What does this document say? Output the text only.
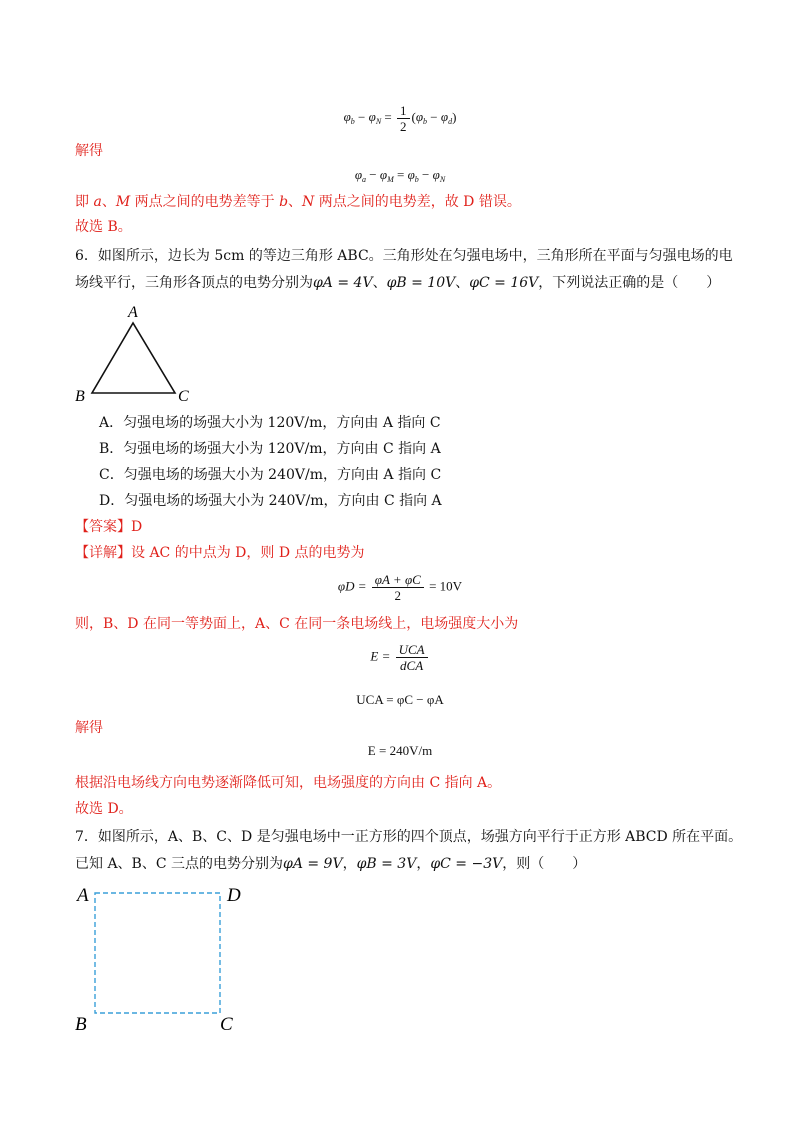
$\varphi_b - \varphi_N = \frac{1}{2} (\varphi_b - \varphi_d)$
解得
$\varphi_a - \varphi_M = \varphi_b - \varphi_N$
即 a、M 两点之间的电势差等于 b、N 两点之间的电势差，故 D 错误。
故选 B。
6．如图所示，边长为 5cm 的等边三角形 ABC。三角形处在匀强电场中，三角形所在平面与匀强电场的电
场线平行，三角形各顶点的电势分别为φA = 4V、φB = 10V、φC = 16V，下列说法正确的是（　　）
A
B	C
A．匀强电场的场强大小为 120V/m，方向由 A 指向 C
B．匀强电场的场强大小为 120V/m，方向由 C 指向 A
C．匀强电场的场强大小为 240V/m，方向由 A 指向 C
D．匀强电场的场强大小为 240V/m，方向由 C 指向 A
【答案】D
【详解】设 AC 的中点为 D，则 D 点的电势为
$\varphi D = \frac{\varphi A + \varphi C}{2} = 10V$
则，B、D 在同一等势面上，A、C 在同一条电场线上，电场强度大小为
$E = \frac{\text{UCA}}{\text{dCA}}$
UCA = φC − φA
解得
E = 240V/m
根据沿电场线方向电势逐渐降低可知，电场强度的方向由 C 指向 A。
故选 D。
7．如图所示，A、B、C、D 是匀强电场中一正方形的四个顶点，场强方向平行于正方形 ABCD 所在平面。
已知 A、B、C 三点的电势分别为φA = 9V，φB = 3V，φC = −3V，则（　　）
A	D
B	C
